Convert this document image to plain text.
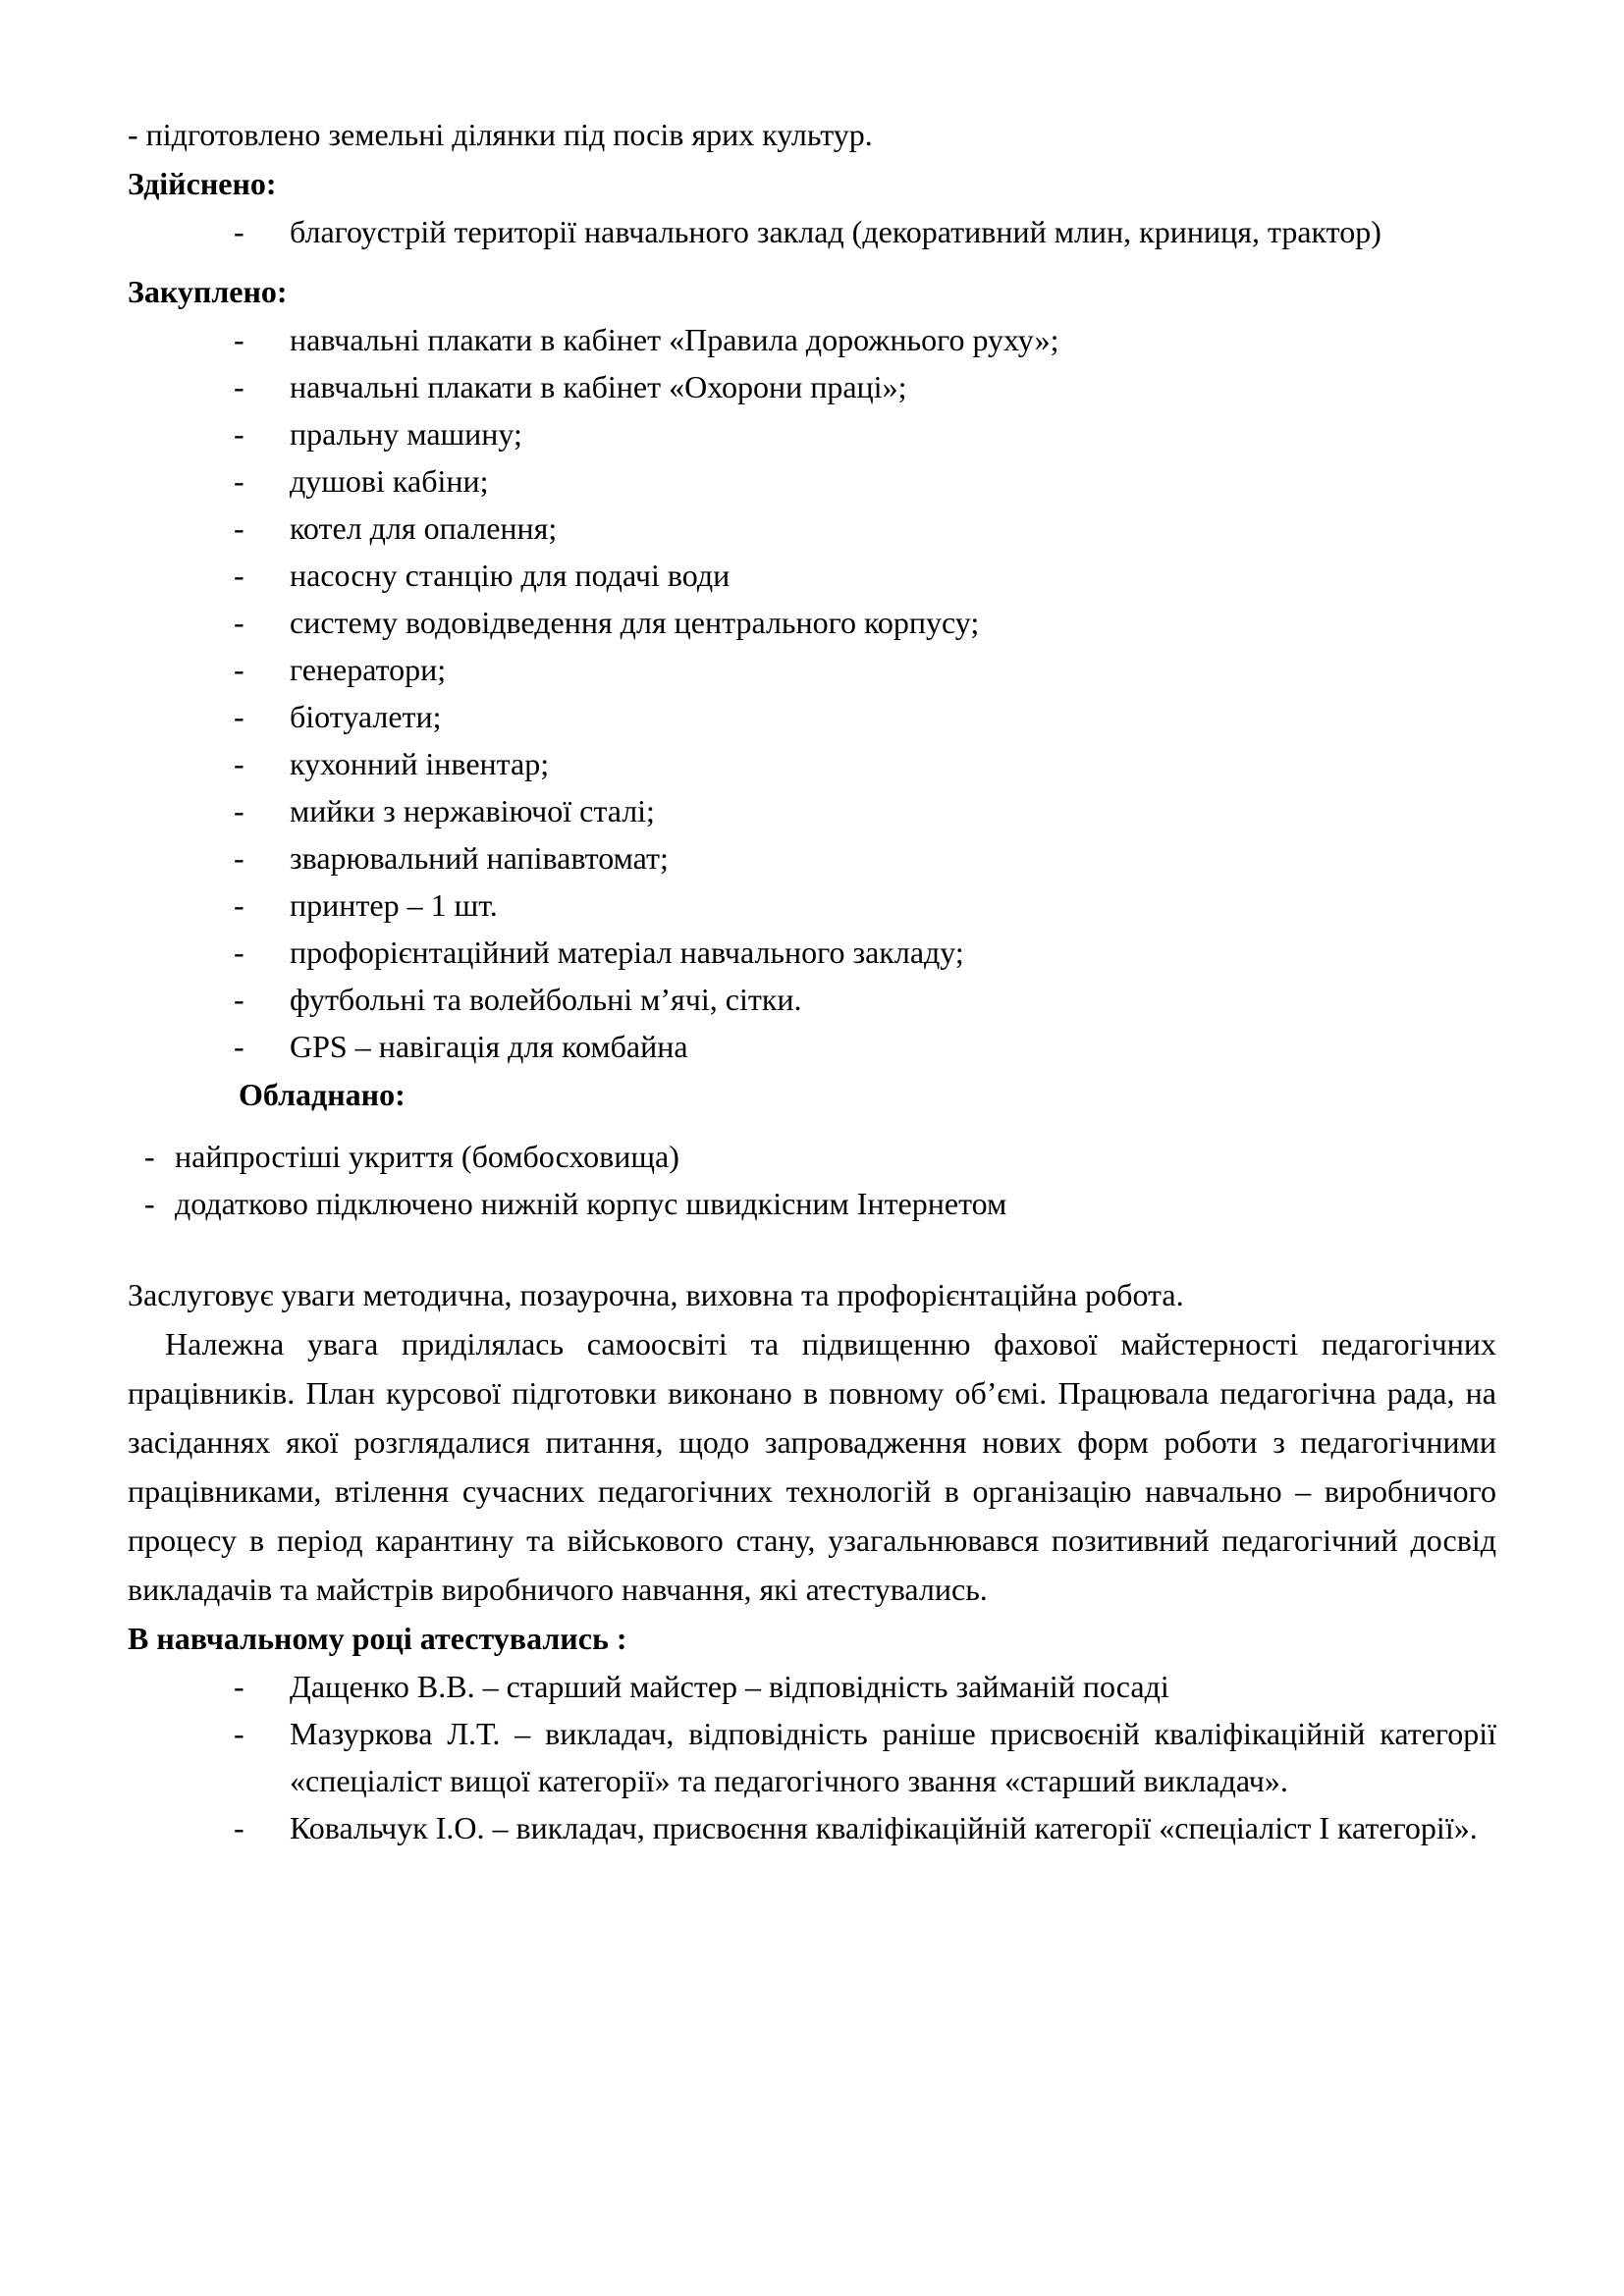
- підготовлено земельні ділянки під посів ярих культур.
Здійснено:
- благоустрій території навчального заклад (декоративний млин, криниця, трактор)
Закуплено:
- навчальні плакати в кабінет «Правила дорожнього руху»;
- навчальні плакати в кабінет «Охорони праці»;
- пральну машину;
- душові кабіни;
- котел для опалення;
- насосну станцію для подачі води
- систему водовідведення для центрального корпусу;
- генератори;
- біотуалети;
- кухонний інвентар;
- мийки з нержавіючої сталі;
- зварювальний напівавтомат;
- принтер – 1 шт.
- профорієнтаційний матеріал навчального закладу;
- футбольні та волейбольні м’ячі, сітки.
- GPS – навігація для комбайна
Обладнано:
- найпростіші укриття (бомбосховища)
- додатково підключено нижній корпус швидкісним Інтернетом
Заслуговує уваги методична, позаурочна, виховна та профорієнтаційна робота.
Належна увага приділялась самоосвіті та підвищенню фахової майстерності педагогічних працівників. План курсової підготовки виконано в повному об’ємі. Працювала педагогічна рада, на засіданнях якої розглядалися питання, щодо запровадження нових форм роботи з педагогічними працівниками, втілення сучасних педагогічних технологій в організацію навчально – виробничого процесу в період карантину та військового стану, узагальнювався позитивний педагогічний досвід викладачів та майстрів виробничого навчання, які атестувались.
В навчальному році атестувались :
- Дащенко В.В. – старший майстер – відповідність займаній посаді
- Мазуркова Л.Т. – викладач, відповідність раніше присвоєній кваліфікаційній категорії «спеціаліст вищої категорії» та педагогічного звання «старший викладач».
- Ковальчук І.О. – викладач, присвоєння кваліфікаційній категорії «спеціаліст І категорії».
